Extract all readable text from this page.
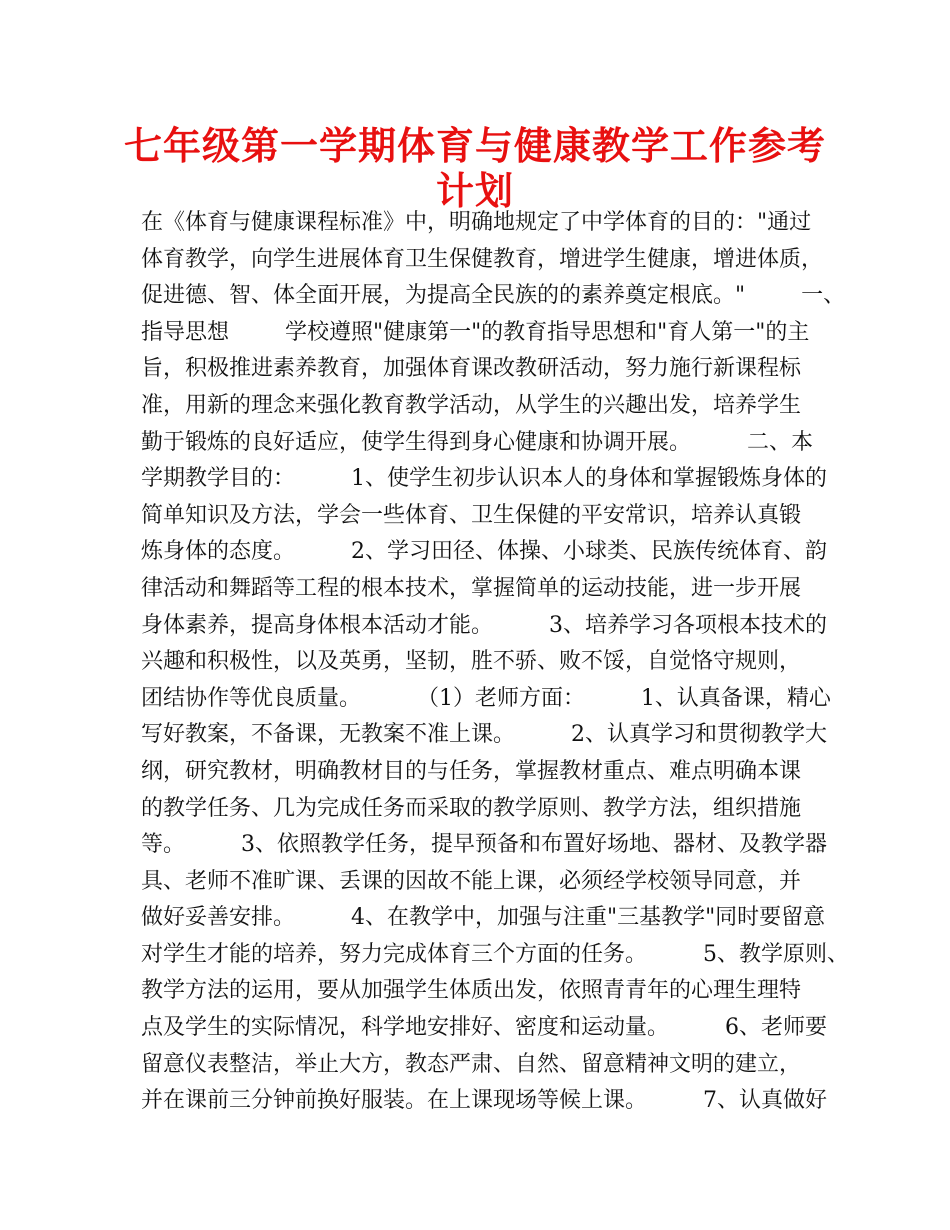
七年级第一学期体育与健康教学工作参考
计划
在《体育与健康课程标准》中，明确地规定了中学体育的目的："通过
体育教学，向学生进展体育卫生保健教育，增进学生健康，增进体质，
促进德、智、体全面开展，为提高全民族的的素养奠定根底。"        一、
指导思想        学校遵照"健康第一"的教育指导思想和"育人第一"的主
旨，积极推进素养教育，加强体育课改教研活动，努力施行新课程标
准，用新的理念来强化教育教学活动，从学生的兴趣出发，培养学生
勤于锻炼的良好适应，使学生得到身心健康和协调开展。        二、本
学期教学目的：        1、使学生初步认识本人的身体和掌握锻炼身体的
简单知识及方法，学会一些体育、卫生保健的平安常识，培养认真锻
炼身体的态度。        2、学习田径、体操、小球类、民族传统体育、韵
律活动和舞蹈等工程的根本技术，掌握简单的运动技能，进一步开展
身体素养，提高身体根本活动才能。        3、培养学习各项根本技术的
兴趣和积极性，以及英勇，坚韧，胜不骄、败不馁，自觉恪守规则，
团结协作等优良质量。        （1）老师方面：        1、认真备课，精心
写好教案，不备课，无教案不准上课。        2、认真学习和贯彻教学大
纲，研究教材，明确教材目的与任务，掌握教材重点、难点明确本课
的教学任务、几为完成任务而采取的教学原则、教学方法，组织措施
等。        3、依照教学任务，提早预备和布置好场地、器材、及教学器
具、老师不准旷课、丢课的因故不能上课，必须经学校领导同意，并
做好妥善安排。        4、在教学中，加强与注重"三基教学"同时要留意
对学生才能的培养，努力完成体育三个方面的任务。        5、教学原则、
教学方法的运用，要从加强学生体质出发，依照青青年的心理生理特
点及学生的实际情况，科学地安排好、密度和运动量。        6、老师要
留意仪表整洁，举止大方，教态严肃、自然、留意精神文明的建立，
并在课前三分钟前换好服装。在上课现场等候上课。        7、认真做好
